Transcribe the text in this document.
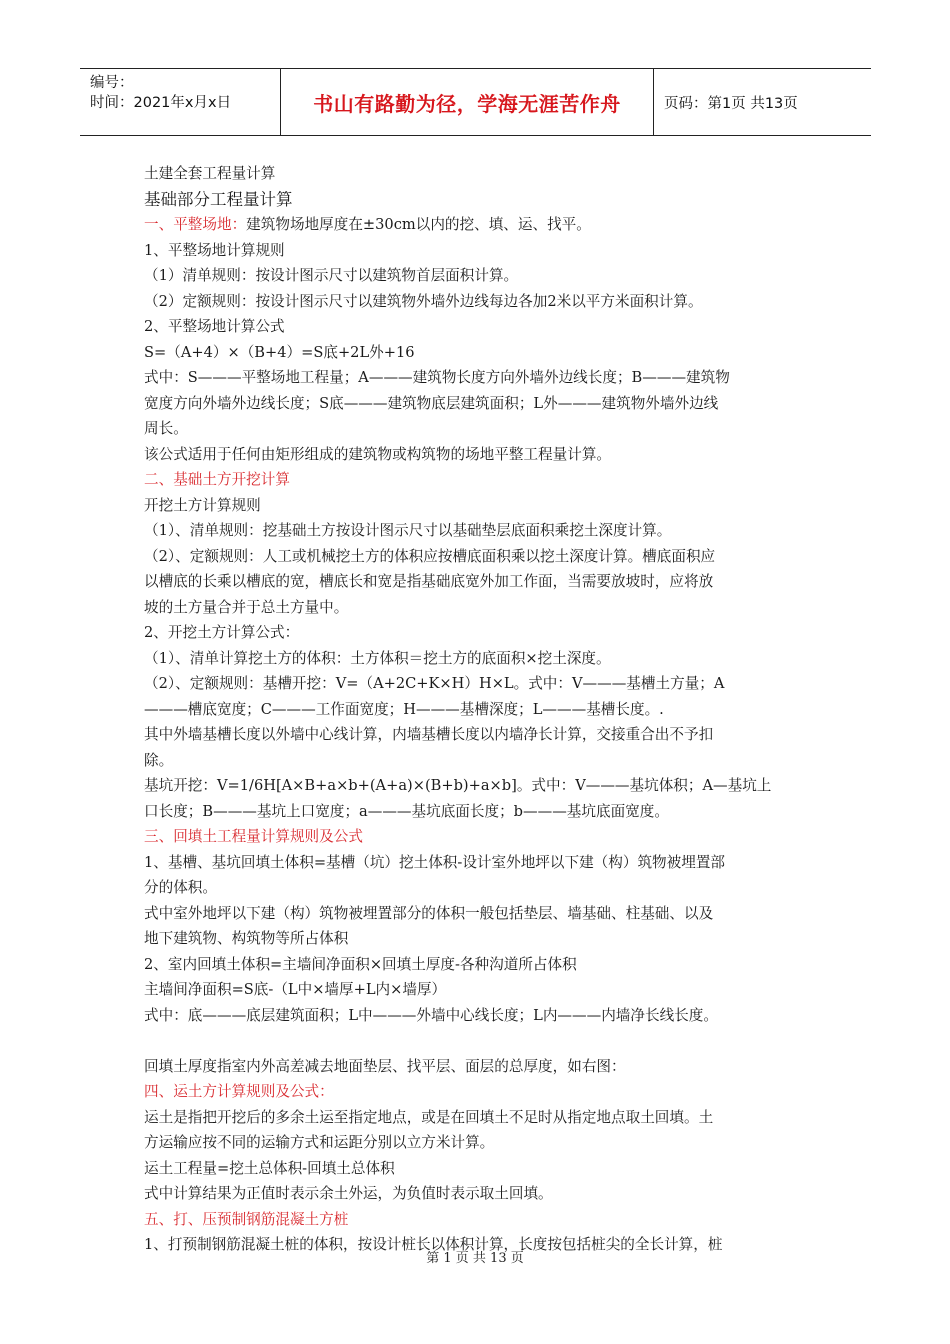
编号：
时间：2021年x月x日	书山有路勤为径，学海无涯苦作舟	页码：第1页 共13页
土建全套工程量计算
基础部分工程量计算
一、平整场地：建筑物场地厚度在±30cm以内的挖、填、运、找平。
1、平整场地计算规则
（1）清单规则：按设计图示尺寸以建筑物首层面积计算。
（2）定额规则：按设计图示尺寸以建筑物外墙外边线每边各加2米以平方米面积计算。
2、平整场地计算公式
S=（A+4）×（B+4）=S底+2L外+16
式中：S———平整场地工程量；A———建筑物长度方向外墙外边线长度；B———建筑物
宽度方向外墙外边线长度；S底———建筑物底层建筑面积；L外———建筑物外墙外边线
周长。
该公式适用于任何由矩形组成的建筑物或构筑物的场地平整工程量计算。
二、基础土方开挖计算
开挖土方计算规则
（1）、清单规则：挖基础土方按设计图示尺寸以基础垫层底面积乘挖土深度计算。
（2）、定额规则：人工或机械挖土方的体积应按槽底面积乘以挖土深度计算。槽底面积应
以槽底的长乘以槽底的宽，槽底长和宽是指基础底宽外加工作面，当需要放坡时，应将放
坡的土方量合并于总土方量中。
2、开挖土方计算公式：
（1）、清单计算挖土方的体积：土方体积＝挖土方的底面积×挖土深度。
（2）、定额规则：基槽开挖：V=（A+2C+K×H）H×L。式中：V———基槽土方量；A
———槽底宽度；C———工作面宽度；H———基槽深度；L———基槽长度。.
其中外墙基槽长度以外墙中心线计算，内墙基槽长度以内墙净长计算，交接重合出不予扣
除。
基坑开挖：V=1/6H[A×B+a×b+(A+a)×(B+b)+a×b]。式中：V———基坑体积；A—基坑上
口长度；B———基坑上口宽度；a———基坑底面长度；b———基坑底面宽度。
三、回填土工程量计算规则及公式
1、基槽、基坑回填土体积=基槽（坑）挖土体积-设计室外地坪以下建（构）筑物被埋置部
分的体积。
式中室外地坪以下建（构）筑物被埋置部分的体积一般包括垫层、墙基础、柱基础、以及
地下建筑物、构筑物等所占体积
2、室内回填土体积=主墙间净面积×回填土厚度-各种沟道所占体积
主墙间净面积=S底-（L中×墙厚+L内×墙厚）
式中：底———底层建筑面积；L中———外墙中心线长度；L内———内墙净长线长度。
回填土厚度指室内外高差减去地面垫层、找平层、面层的总厚度，如右图：
四、运土方计算规则及公式：
运土是指把开挖后的多余土运至指定地点，或是在回填土不足时从指定地点取土回填。土
方运输应按不同的运输方式和运距分别以立方米计算。
运土工程量=挖土总体积-回填土总体积
式中计算结果为正值时表示余土外运，为负值时表示取土回填。
五、打、压预制钢筋混凝土方桩
1、打预制钢筋混凝土桩的体积，按设计桩长以体积计算，长度按包括桩尖的全长计算，桩
第 1 页 共 13 页
